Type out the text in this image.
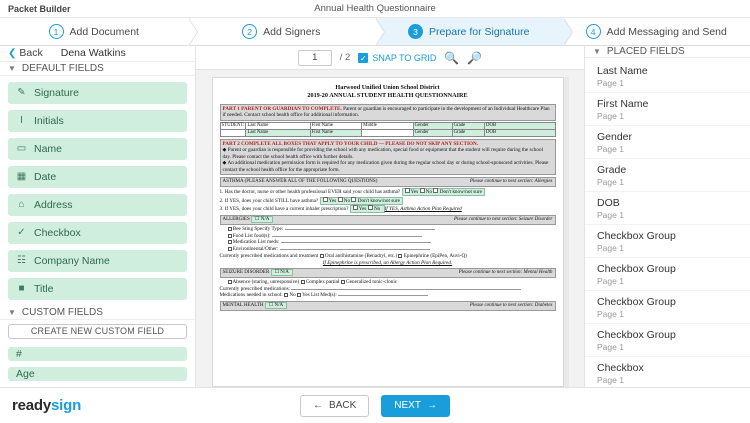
Packet Builder	Annual Health Questionnaire
1	Add Document	2	Add Signers	3	Prepare for Signature	4	Add Messaging and Send
❮ Back Dena Watkins
▼ DEFAULT FIELDS
✎ Signature
I	Initials
▭ Name
▦ Date
⌂ Address
✓ Checkbox
☷ Company Name
■ Title
▼ CUSTOM FIELDS
CREATE NEW CUSTOM FIELD
#
Age
1
/ 2 ✓ SNAP TO GRID 🔍 🔎
Harwood Unified Union School District
2019-20 ANNUAL STUDENT HEALTH QUESTIONNAIRE
PART 1 PARENT OR GUARDIAN TO COMPLETE. Parent or guardian is encouraged to participate in the development of an Individual Healthcare Plan if needed. Contact school health office for additional information.
STUDENT:	Last Name	First Name	Middle	Gender	Grade	DOB
	Last Name	First Name		Gender	Grade	DOB
PART 2 COMPLETE ALL BOXES THAT APPLY TO YOUR CHILD — PLEASE DO NOT SKIP ANY SECTION.
◆ Parent or guardian is responsible for providing the school with any medication, special food or equipment that the student will require during the school day. Please contact the school health office with further details.
◆ An additional medication permission form is required for any medication given during the regular school day or during school-sponsored activities. Please contact the school health office for the appropriate form.
ASTHMA (PLEASE ANSWER ALL OF THE FOLLOWING QUESTIONS)	Please continue to next section: Allergies
1. Has the doctor, nurse or other health professional EVER said your child has asthma? Yes No Don't know/not sure
2. If YES, does your child STILL have asthma? Yes No Don't know/not sure
3. If YES, does your child have a current inhaler prescription? Yes No If YES, Asthma Action Plan Required
ALLERGIES ☐ N/A	Please continue to next section: Seizure Disorder
Bee Sting Specify Type:
Food List food(s):
Medication List meds:
Environmental/Other:
Currently prescribed medications and treatment Oral antihistamine (Benadryl, etc.) Epinephrine (EpiPen, Auvi-Q)
If Epinephrine is prescribed, an Allergy Action Plan Required.
SEIZURE DISORDER ☐ N/A	Please continue to next section: Mental Health
Absence (staring, unresponsive) Complex partial Generalized tonic-clonic
Currently prescribed medications:
Medications needed in school: No Yes List Med(s):
MENTAL HEALTH ☐ N/A	Please continue to next section: Diabetes
▼ PLACED FIELDS
Last Name
Page 1
First Name
Page 1
Gender
Page 1
Grade
Page 1
DOB
Page 1
Checkbox Group
Page 1
Checkbox Group
Page 1
Checkbox Group
Page 1
Checkbox Group
Page 1
Checkbox
Page 1
readysign	← BACK	NEXT →
